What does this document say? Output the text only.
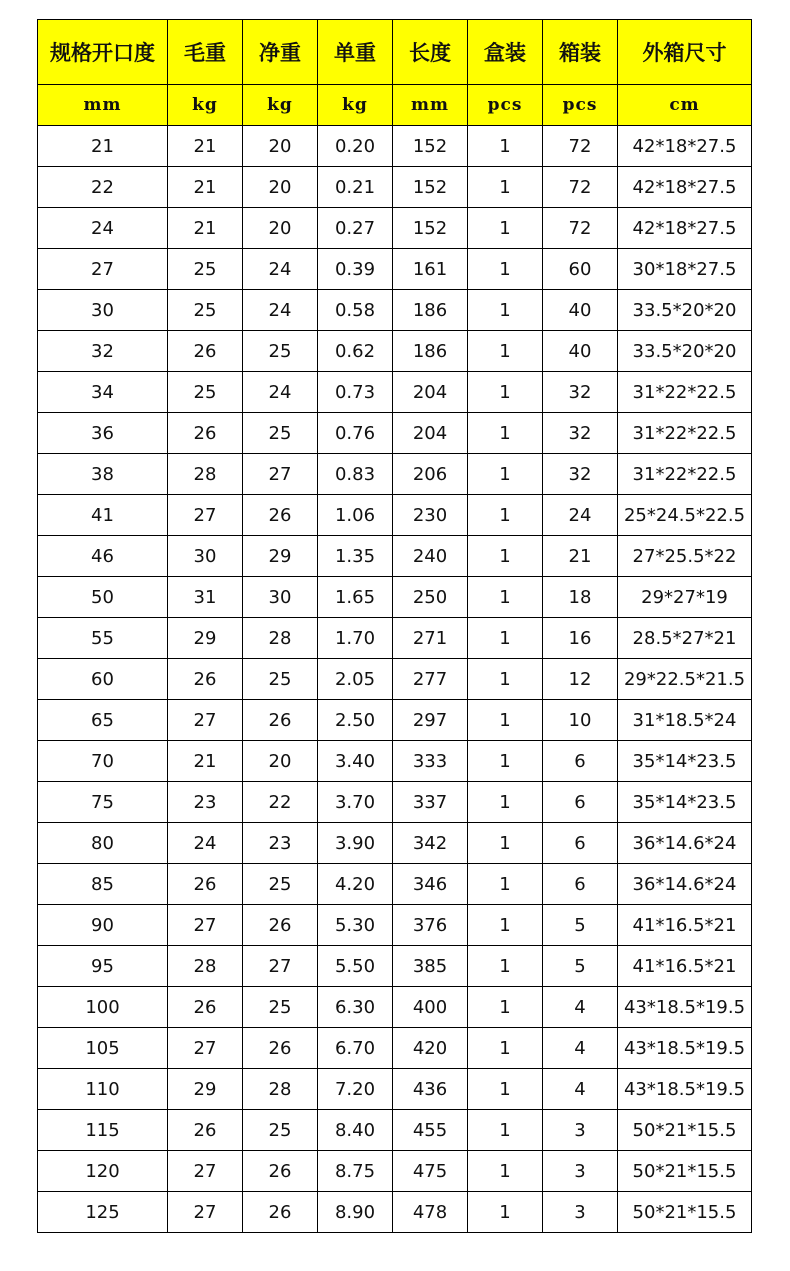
规格开口度	毛重	净重	单重	长度	盒装	箱装	外箱尺寸
mm	kg	kg	kg	mm	pcs	pcs	cm
21	21	20	0.20	152	1	72	42*18*27.5
22	21	20	0.21	152	1	72	42*18*27.5
24	21	20	0.27	152	1	72	42*18*27.5
27	25	24	0.39	161	1	60	30*18*27.5
30	25	24	0.58	186	1	40	33.5*20*20
32	26	25	0.62	186	1	40	33.5*20*20
34	25	24	0.73	204	1	32	31*22*22.5
36	26	25	0.76	204	1	32	31*22*22.5
38	28	27	0.83	206	1	32	31*22*22.5
41	27	26	1.06	230	1	24	25*24.5*22.5
46	30	29	1.35	240	1	21	27*25.5*22
50	31	30	1.65	250	1	18	29*27*19
55	29	28	1.70	271	1	16	28.5*27*21
60	26	25	2.05	277	1	12	29*22.5*21.5
65	27	26	2.50	297	1	10	31*18.5*24
70	21	20	3.40	333	1	6	35*14*23.5
75	23	22	3.70	337	1	6	35*14*23.5
80	24	23	3.90	342	1	6	36*14.6*24
85	26	25	4.20	346	1	6	36*14.6*24
90	27	26	5.30	376	1	5	41*16.5*21
95	28	27	5.50	385	1	5	41*16.5*21
100	26	25	6.30	400	1	4	43*18.5*19.5
105	27	26	6.70	420	1	4	43*18.5*19.5
110	29	28	7.20	436	1	4	43*18.5*19.5
115	26	25	8.40	455	1	3	50*21*15.5
120	27	26	8.75	475	1	3	50*21*15.5
125	27	26	8.90	478	1	3	50*21*15.5
